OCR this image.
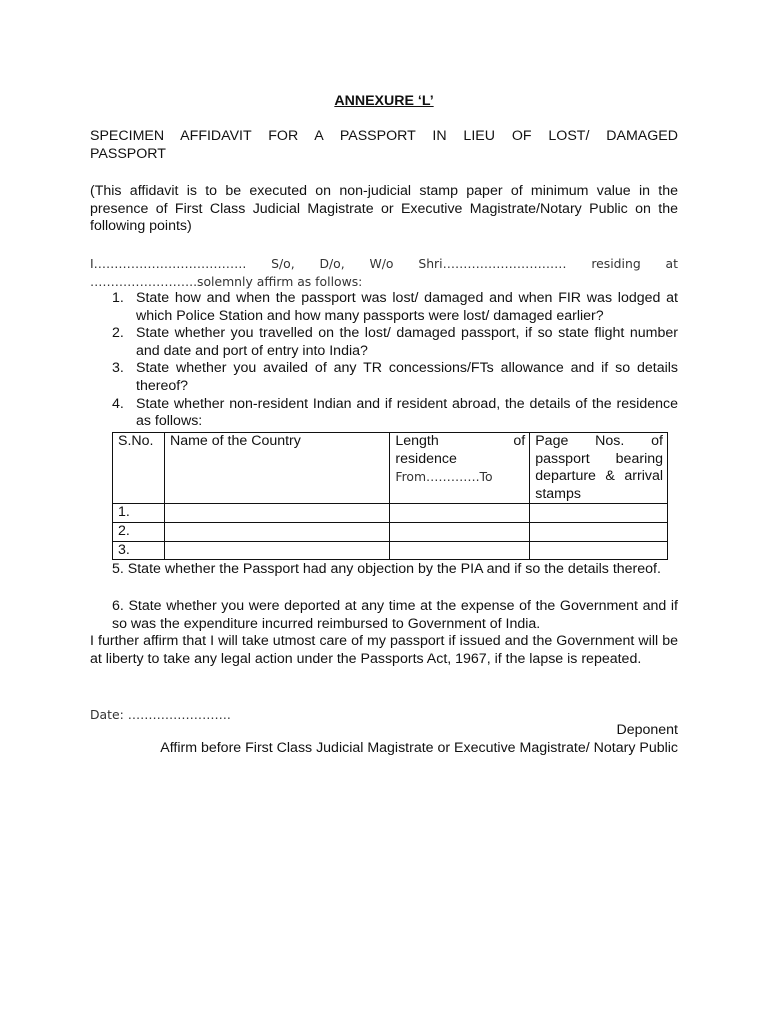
ANNEXURE ‘L’
SPECIMEN AFFIDAVIT FOR A PASSPORT IN LIEU OF LOST/ DAMAGED
PASSPORT
(This affidavit is to be executed on non-judicial stamp paper of minimum value in the presence of First Class Judicial Magistrate or Executive Magistrate/Notary Public on the following points)
I………………………………. S/o, D/o, W/o Shri………………………… residing at
……………………..solemnly affirm as follows:
1. State how and when the passport was lost/ damaged and when FIR was lodged at which Police Station and how many passports were lost/ damaged earlier?
2. State whether you travelled on the lost/ damaged passport, if so state flight number and date and port of entry into India?
3. State whether you availed of any TR concessions/FTs allowance and if so details thereof?
4. State whether non-resident Indian and if resident abroad, the details of the residence as follows:
S.No.	Name of the Country	Length of
residence
From………….To	Page Nos. of passport bearing departure & arrival stamps
1.			
2.			
3.			
5. State whether the Passport had any objection by the PIA and if so the details thereof.
6. State whether you were deported at any time at the expense of the Government and if so was the expenditure incurred reimbursed to Government of India.
I further affirm that I will take utmost care of my passport if issued and the Government will be at liberty to take any legal action under the Passports Act, 1967, if the lapse is repeated.
Date: …………………….
Deponent
Affirm before First Class Judicial Magistrate or Executive Magistrate/ Notary Public
